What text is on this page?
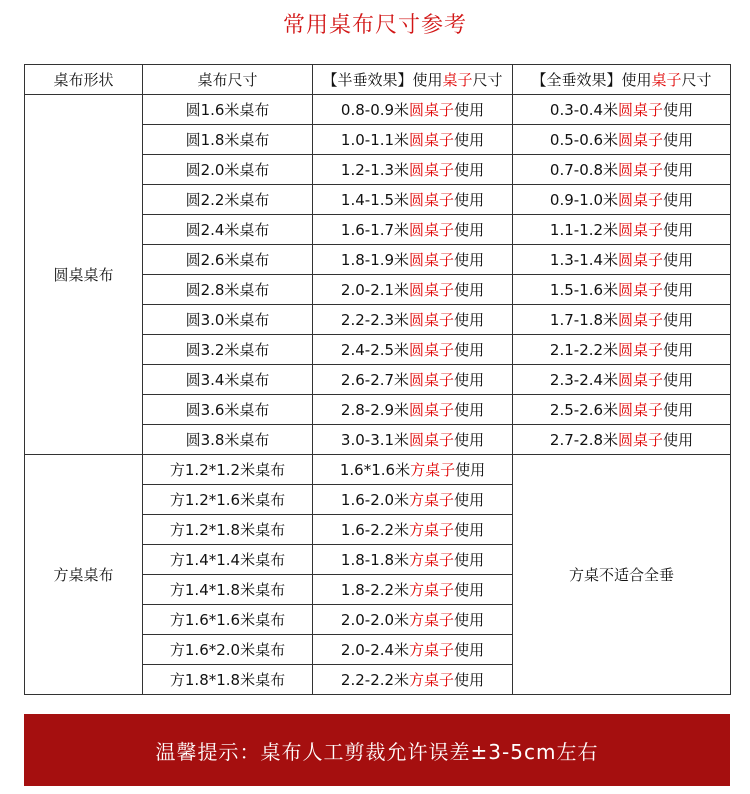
常用桌布尺寸参考
桌布形状	桌布尺寸	【半垂效果】使用桌子尺寸	【全垂效果】使用桌子尺寸
圆桌桌布	圆1.6米桌布	0.8-0.9米圆桌子使用	0.3-0.4米圆桌子使用
	圆1.8米桌布	1.0-1.1米圆桌子使用	0.5-0.6米圆桌子使用
	圆2.0米桌布	1.2-1.3米圆桌子使用	0.7-0.8米圆桌子使用
	圆2.2米桌布	1.4-1.5米圆桌子使用	0.9-1.0米圆桌子使用
	圆2.4米桌布	1.6-1.7米圆桌子使用	1.1-1.2米圆桌子使用
	圆2.6米桌布	1.8-1.9米圆桌子使用	1.3-1.4米圆桌子使用
	圆2.8米桌布	2.0-2.1米圆桌子使用	1.5-1.6米圆桌子使用
	圆3.0米桌布	2.2-2.3米圆桌子使用	1.7-1.8米圆桌子使用
	圆3.2米桌布	2.4-2.5米圆桌子使用	2.1-2.2米圆桌子使用
	圆3.4米桌布	2.6-2.7米圆桌子使用	2.3-2.4米圆桌子使用
	圆3.6米桌布	2.8-2.9米圆桌子使用	2.5-2.6米圆桌子使用
	圆3.8米桌布	3.0-3.1米圆桌子使用	2.7-2.8米圆桌子使用
方桌桌布	方1.2*1.2米桌布	1.6*1.6米方桌子使用	方桌不适合全垂
	方1.2*1.6米桌布	1.6-2.0米方桌子使用	
	方1.2*1.8米桌布	1.6-2.2米方桌子使用	
	方1.4*1.4米桌布	1.8-1.8米方桌子使用	
	方1.4*1.8米桌布	1.8-2.2米方桌子使用	
	方1.6*1.6米桌布	2.0-2.0米方桌子使用	
	方1.6*2.0米桌布	2.0-2.4米方桌子使用	
	方1.8*1.8米桌布	2.2-2.2米方桌子使用	
温馨提示：桌布人工剪裁允许误差±3-5cm左右
